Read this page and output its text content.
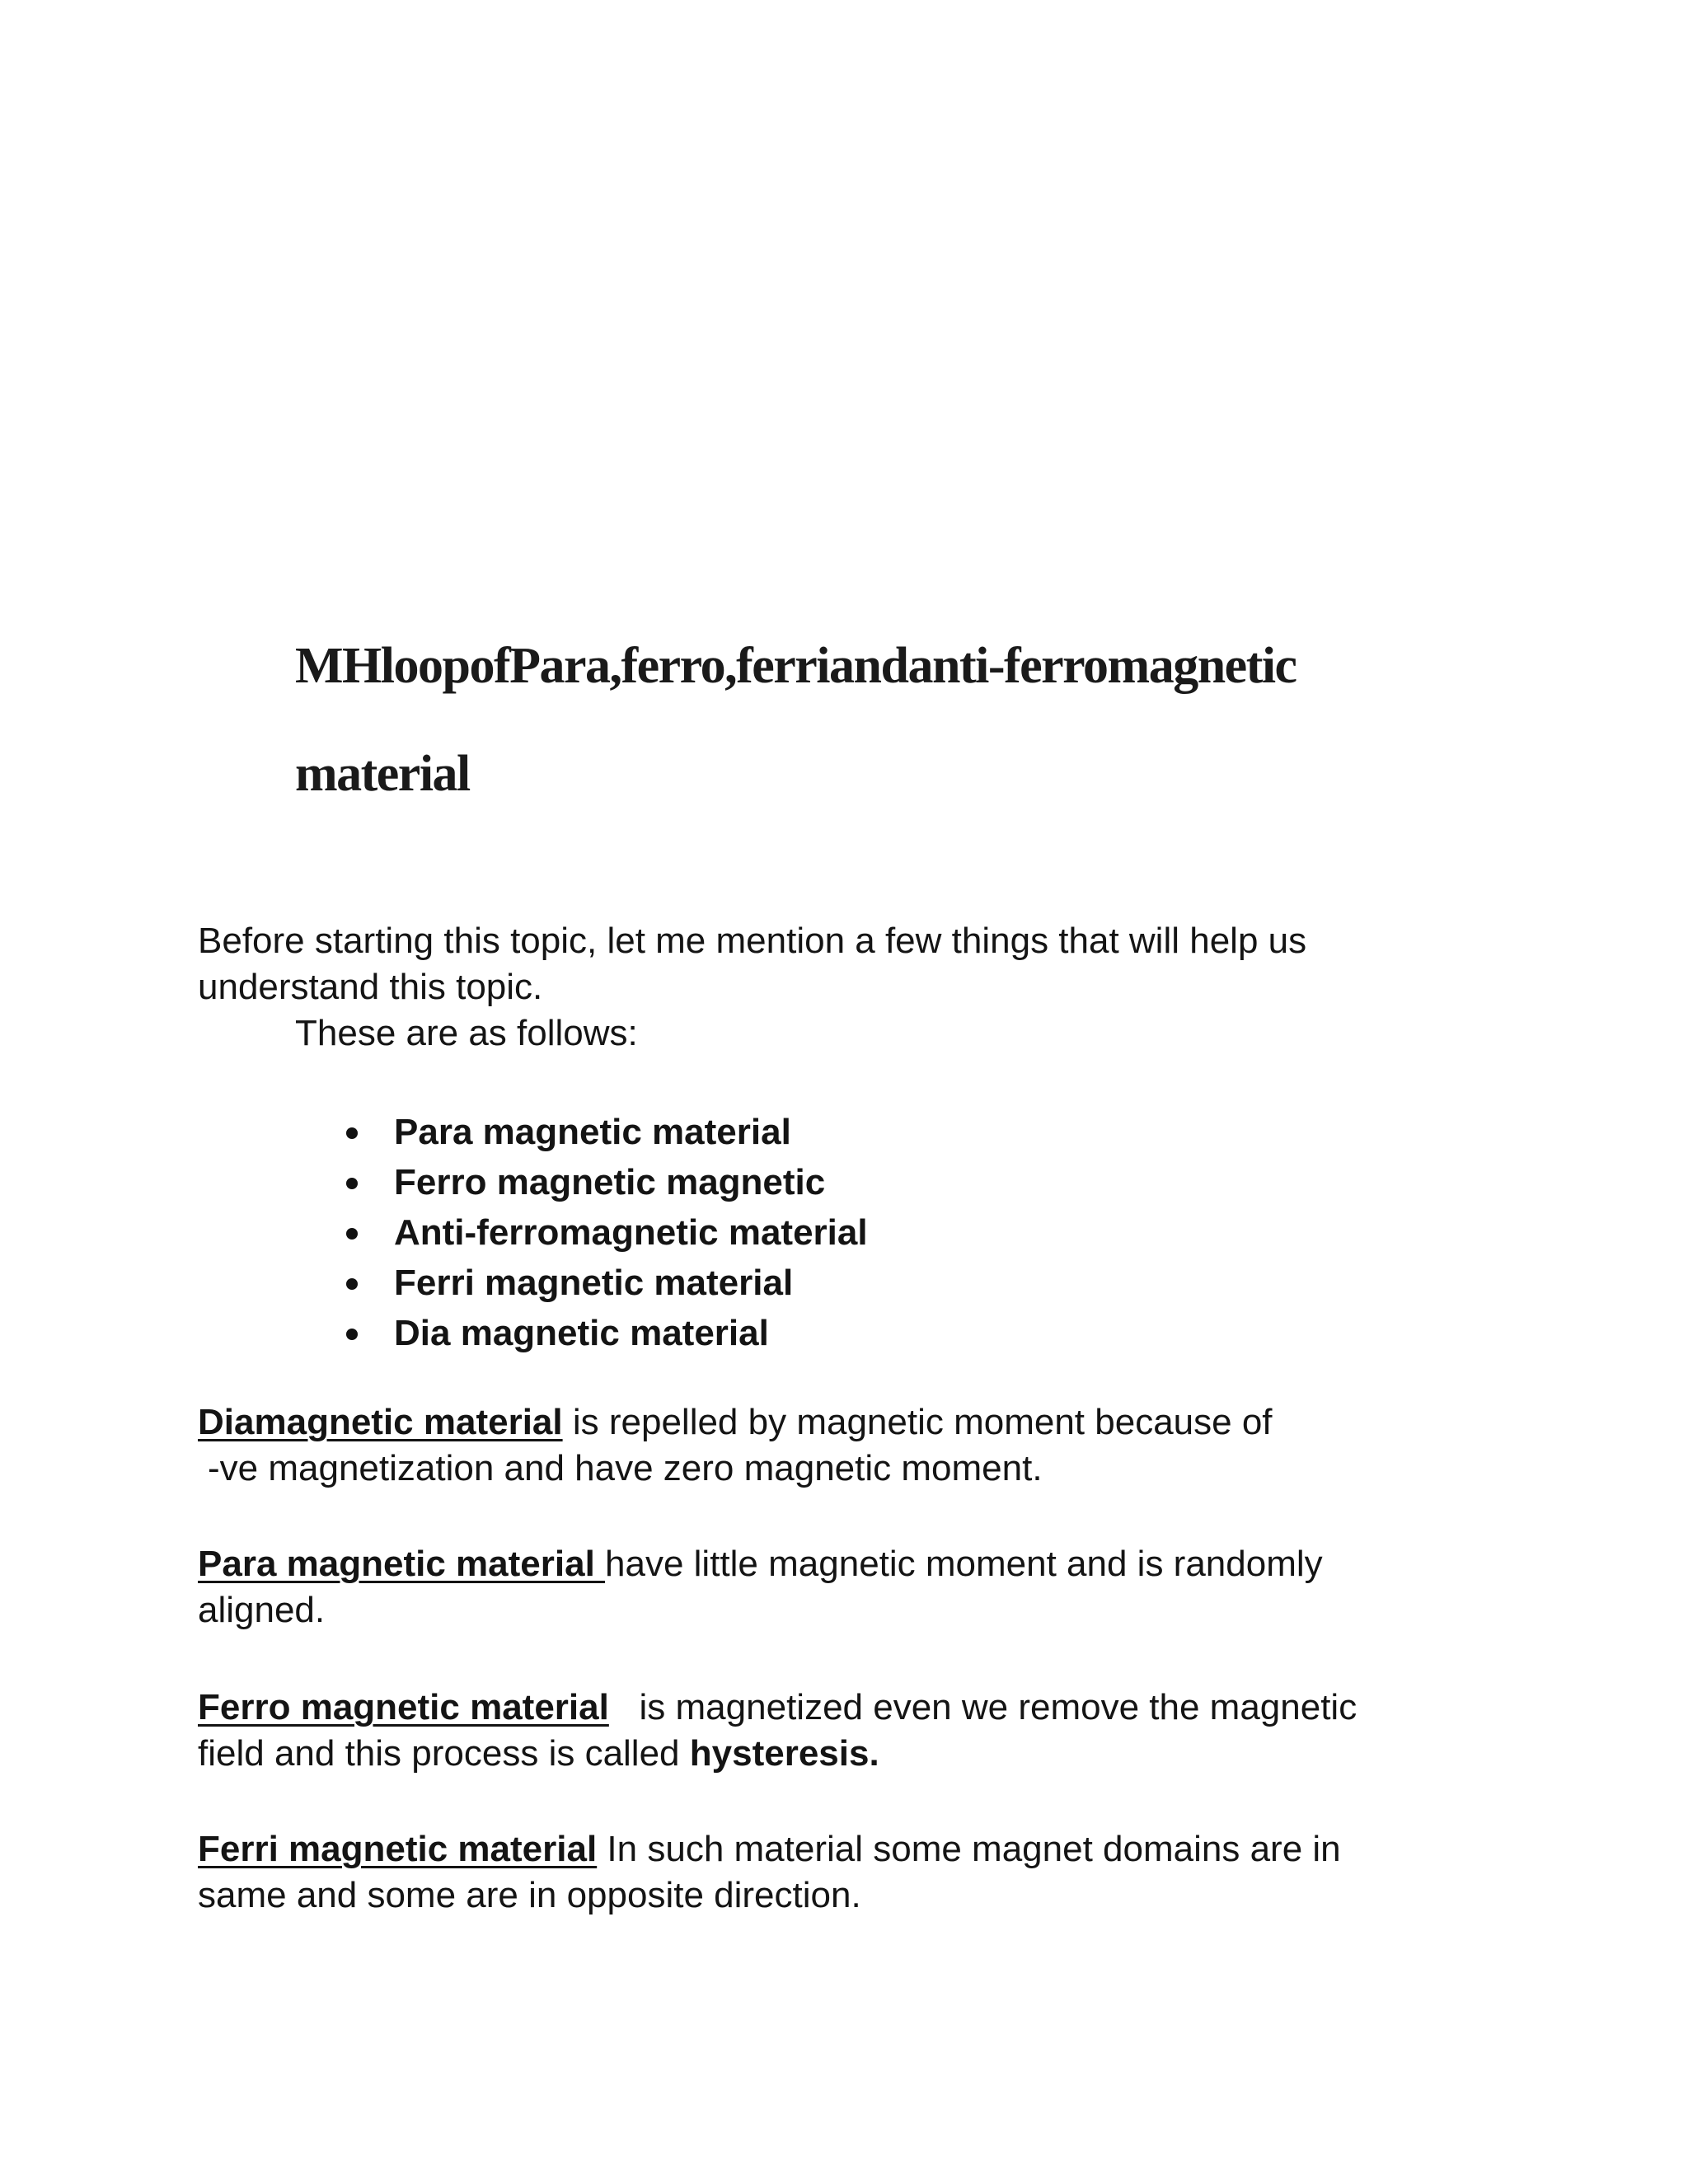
MHloopofPara,ferro,ferriandanti-ferromagnetic
material

Before starting this topic, let me mention a few things that will help us
understand this topic.

These are as follows:

Para magnetic material
Ferro magnetic magnetic
Anti-ferromagnetic material
Ferri magnetic material
Dia magnetic material

Diamagnetic material is repelled by magnetic moment because of

-ve magnetization and have zero magnetic moment.

Para magnetic material have little magnetic moment and is randomly
aligned.

Ferro magnetic material   is magnetized even we remove the magnetic
field and this process is called hysteresis.

Ferri magnetic material In such material some magnet domains are in
same and some are in opposite direction.
